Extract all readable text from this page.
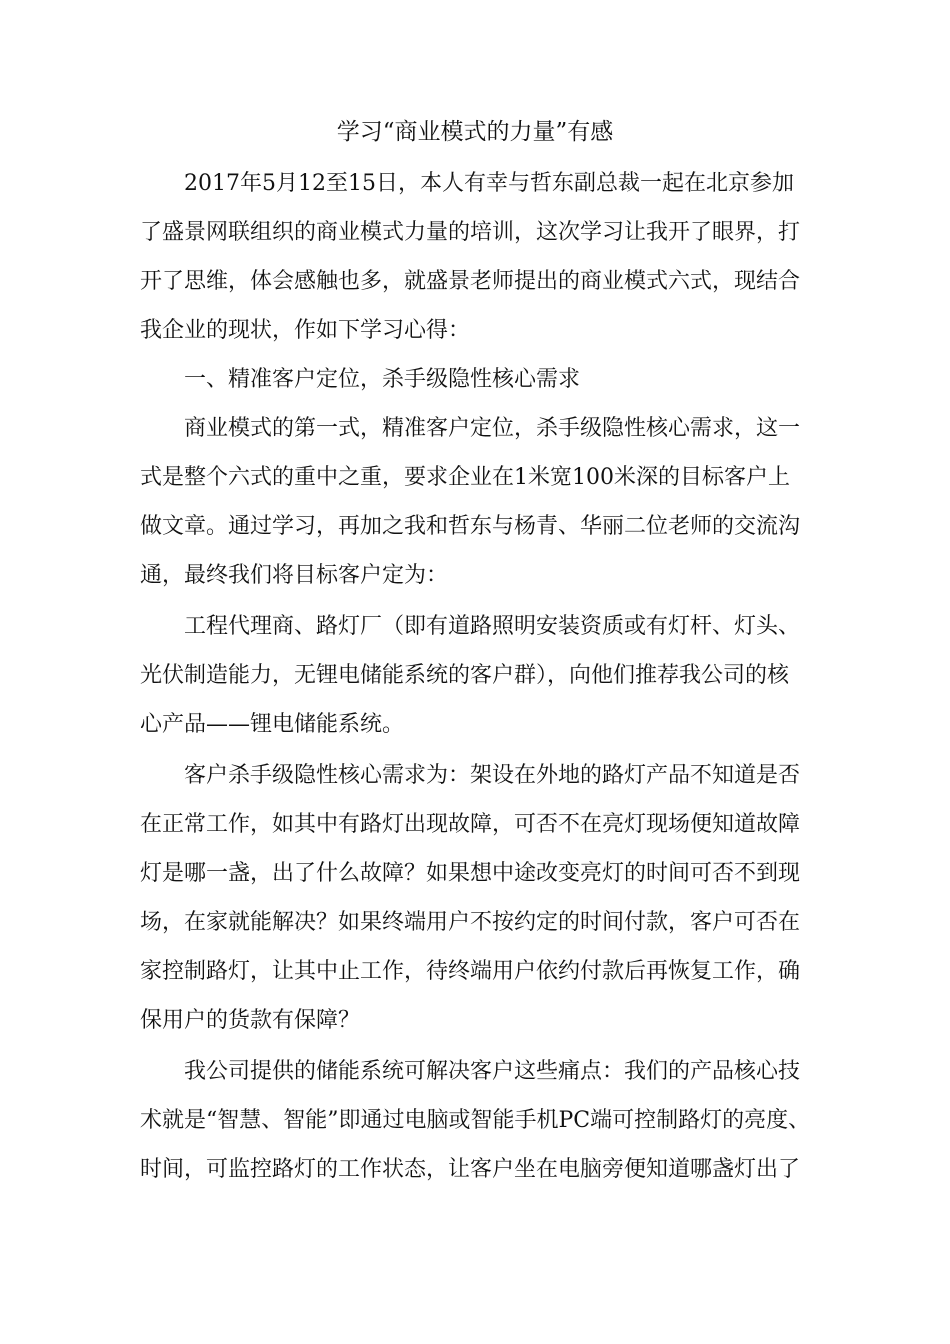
学习“商业模式的力量”有感

2017年5月12至15日，本人有幸与哲东副总裁一起在北京参加

了盛景网联组织的商业模式力量的培训，这次学习让我开了眼界，打

开了思维，体会感触也多，就盛景老师提出的商业模式六式，现结合

我企业的现状，作如下学习心得：

一、精准客户定位，杀手级隐性核心需求

商业模式的第一式，精准客户定位，杀手级隐性核心需求，这一

式是整个六式的重中之重，要求企业在1米宽100米深的目标客户上

做文章。通过学习，再加之我和哲东与杨青、华丽二位老师的交流沟

通，最终我们将目标客户定为：

工程代理商、路灯厂（即有道路照明安装资质或有灯杆、灯头、

光伏制造能力，无锂电储能系统的客户群），向他们推荐我公司的核

心产品——锂电储能系统。

客户杀手级隐性核心需求为：架设在外地的路灯产品不知道是否

在正常工作，如其中有路灯出现故障，可否不在亮灯现场便知道故障

灯是哪一盏，出了什么故障？如果想中途改变亮灯的时间可否不到现

场，在家就能解决？如果终端用户不按约定的时间付款，客户可否在

家控制路灯，让其中止工作，待终端用户依约付款后再恢复工作，确

保用户的货款有保障？

我公司提供的储能系统可解决客户这些痛点：我们的产品核心技

术就是“智慧、智能”即通过电脑或智能手机PC端可控制路灯的亮度、

时间，可监控路灯的工作状态，让客户坐在电脑旁便知道哪盏灯出了
